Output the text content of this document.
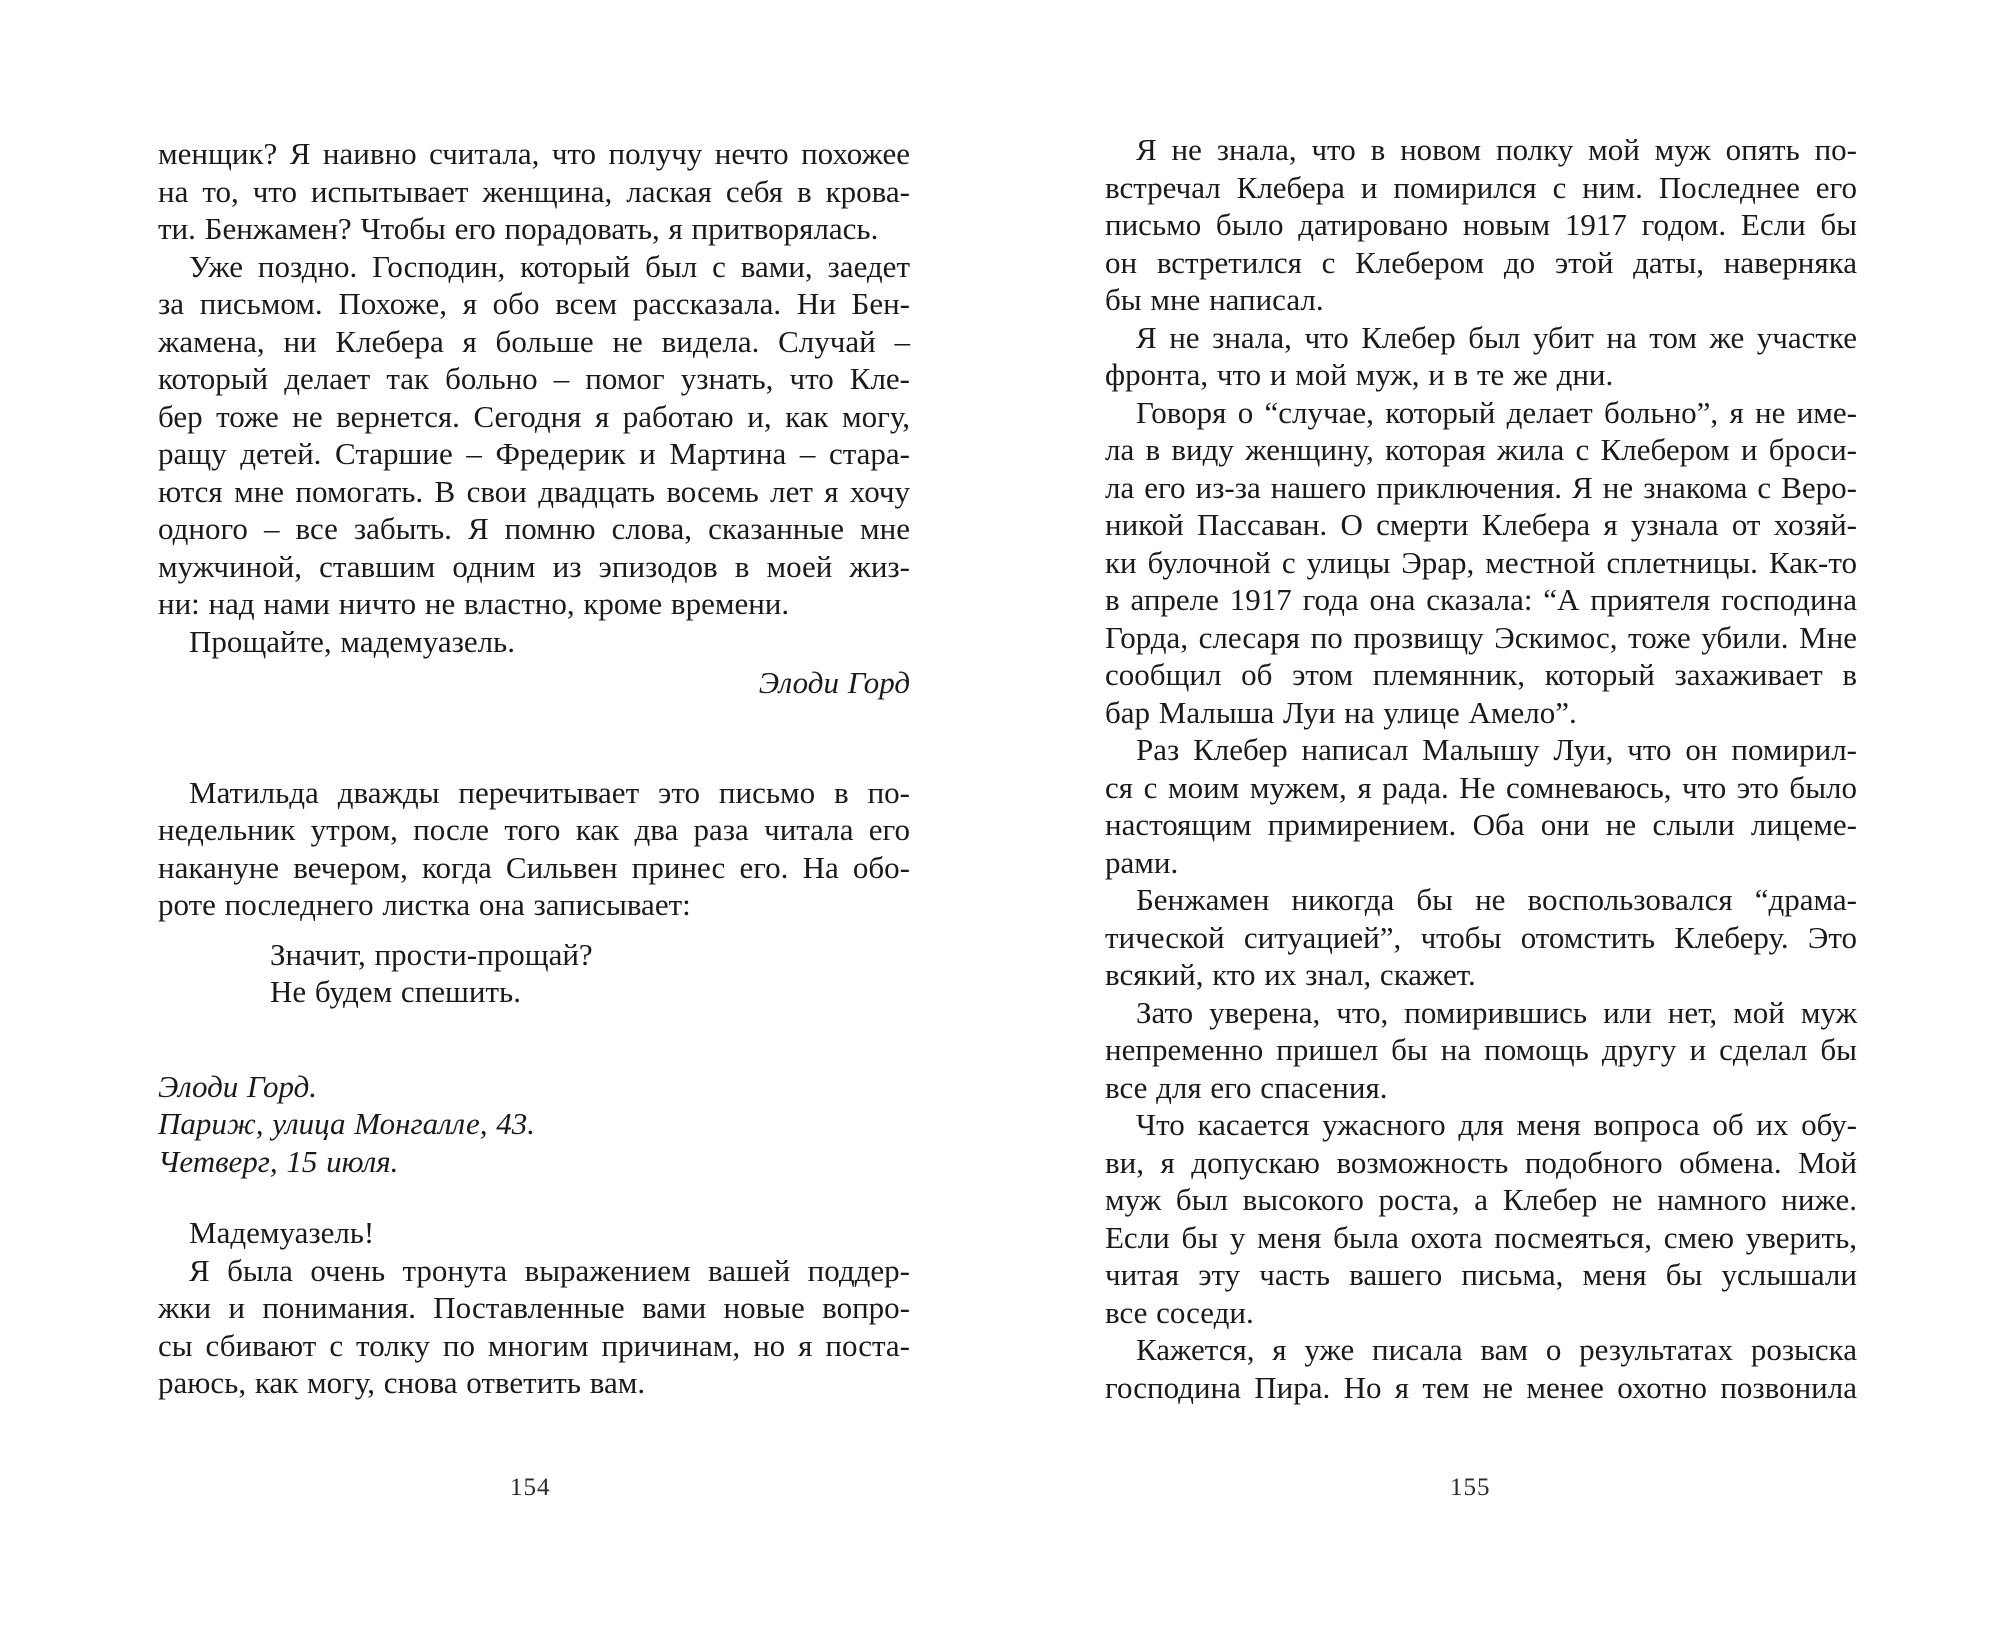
менщик? Я наивно считала, что получу нечто похожее
на то, что испытывает женщина, лаская себя в крова-
ти. Бенжамен? Чтобы его порадовать, я притворялась.
 Уже поздно. Господин, который был с вами, заедет
за письмом. Похоже, я обо всем рассказала. Ни Бен-
жамена, ни Клебера я больше не видела. Случай –
который делает так больно – помог узнать, что Кле-
бер тоже не вернется. Сегодня я работаю и, как могу,
ращу детей. Старшие – Фредерик и Мартина – стара-
ются мне помогать. В свои двадцать восемь лет я хочу
одного – все забыть. Я помню слова, сказанные мне
мужчиной, ставшим одним из эпизодов в моей жиз-
ни: над нами ничто не властно, кроме времени.
 Прощайте, мадемуазель.
Элоди Горд
 Матильда дважды перечитывает это письмо в по-
недельник утром, после того как два раза читала его
накануне вечером, когда Сильвен принес его. На обо-
роте последнего листка она записывает:
Значит, прости-прощай?
Не будем спешить.
Элоди Горд.
Париж, улица Монгалле, 43.
Четверг, 15 июля.
 Мадемуазель!
 Я была очень тронута выражением вашей поддер-
жки и понимания. Поставленные вами новые вопро-
сы сбивают с толку по многим причинам, но я поста-
раюсь, как могу, снова ответить вам.
154
 Я не знала, что в новом полку мой муж опять по-
встречал Клебера и помирился с ним. Последнее его
письмо было датировано новым 1917 годом. Если бы
он встретился с Клебером до этой даты, наверняка
бы мне написал.
 Я не знала, что Клебер был убит на том же участке
фронта, что и мой муж, и в те же дни.
 Говоря о “случае, который делает больно”, я не име-
ла в виду женщину, которая жила с Клебером и броси-
ла его из-за нашего приключения. Я не знакома с Веро-
никой Пассаван. О смерти Клебера я узнала от хозяй-
ки булочной с улицы Эрар, местной сплетницы. Как-то
в апреле 1917 года она сказала: “А приятеля господина
Горда, слесаря по прозвищу Эскимос, тоже убили. Мне
сообщил об этом племянник, который захаживает в
бар Малыша Луи на улице Амело”.
 Раз Клебер написал Малышу Луи, что он помирил-
ся с моим мужем, я рада. Не сомневаюсь, что это было
настоящим примирением. Оба они не слыли лицеме-
рами.
 Бенжамен никогда бы не воспользовался “драма-
тической ситуацией”, чтобы отомстить Клеберу. Это
всякий, кто их знал, скажет.
 Зато уверена, что, помирившись или нет, мой муж
непременно пришел бы на помощь другу и сделал бы
все для его спасения.
 Что касается ужасного для меня вопроса об их обу-
ви, я допускаю возможность подобного обмена. Мой
муж был высокого роста, а Клебер не намного ниже.
Если бы у меня была охота посмеяться, смею уверить,
читая эту часть вашего письма, меня бы услышали
все соседи.
 Кажется, я уже писала вам о результатах розыска
господина Пира. Но я тем не менее охотно позвонила
155
